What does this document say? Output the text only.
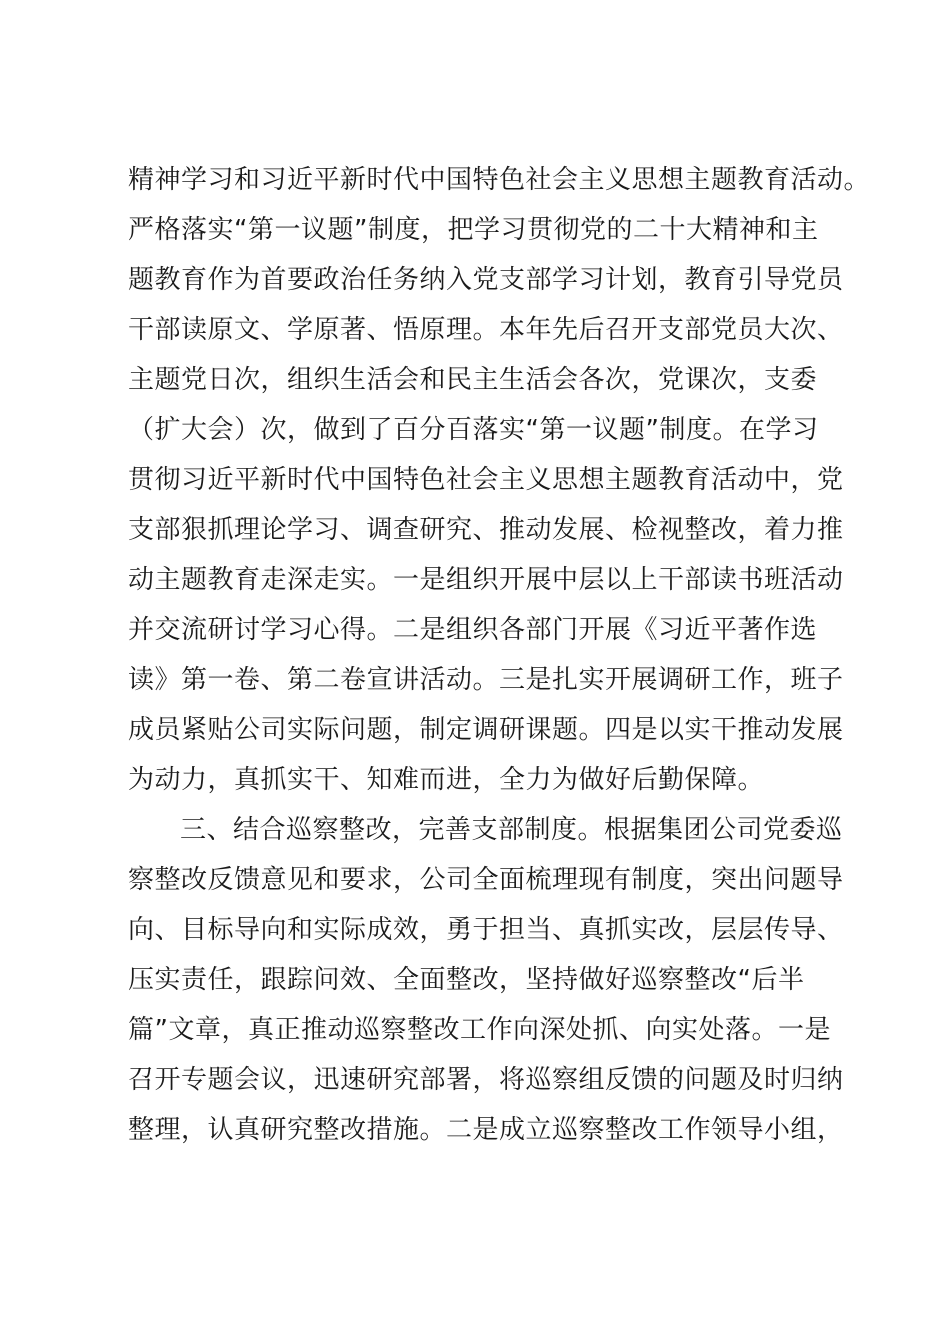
精神学习和习近平新时代中国特色社会主义思想主题教育活动。
严格落实“第一议题”制度，把学习贯彻党的二十大精神和主
题教育作为首要政治任务纳入党支部学习计划，教育引导党员
干部读原文、学原著、悟原理。本年先后召开支部党员大次、
主题党日次，组织生活会和民主生活会各次，党课次，支委
（扩大会）次，做到了百分百落实“第一议题”制度。在学习
贯彻习近平新时代中国特色社会主义思想主题教育活动中，党
支部狠抓理论学习、调查研究、推动发展、检视整改，着力推
动主题教育走深走实。一是组织开展中层以上干部读书班活动
并交流研讨学习心得。二是组织各部门开展《习近平著作选
读》第一卷、第二卷宣讲活动。三是扎实开展调研工作，班子
成员紧贴公司实际问题，制定调研课题。四是以实干推动发展
为动力，真抓实干、知难而进，全力为做好后勤保障。
三、结合巡察整改，完善支部制度。根据集团公司党委巡
察整改反馈意见和要求，公司全面梳理现有制度，突出问题导
向、目标导向和实际成效，勇于担当、真抓实改，层层传导、
压实责任，跟踪问效、全面整改，坚持做好巡察整改“后半
篇”文章，真正推动巡察整改工作向深处抓、向实处落。一是
召开专题会议，迅速研究部署，将巡察组反馈的问题及时归纳
整理，认真研究整改措施。二是成立巡察整改工作领导小组，
